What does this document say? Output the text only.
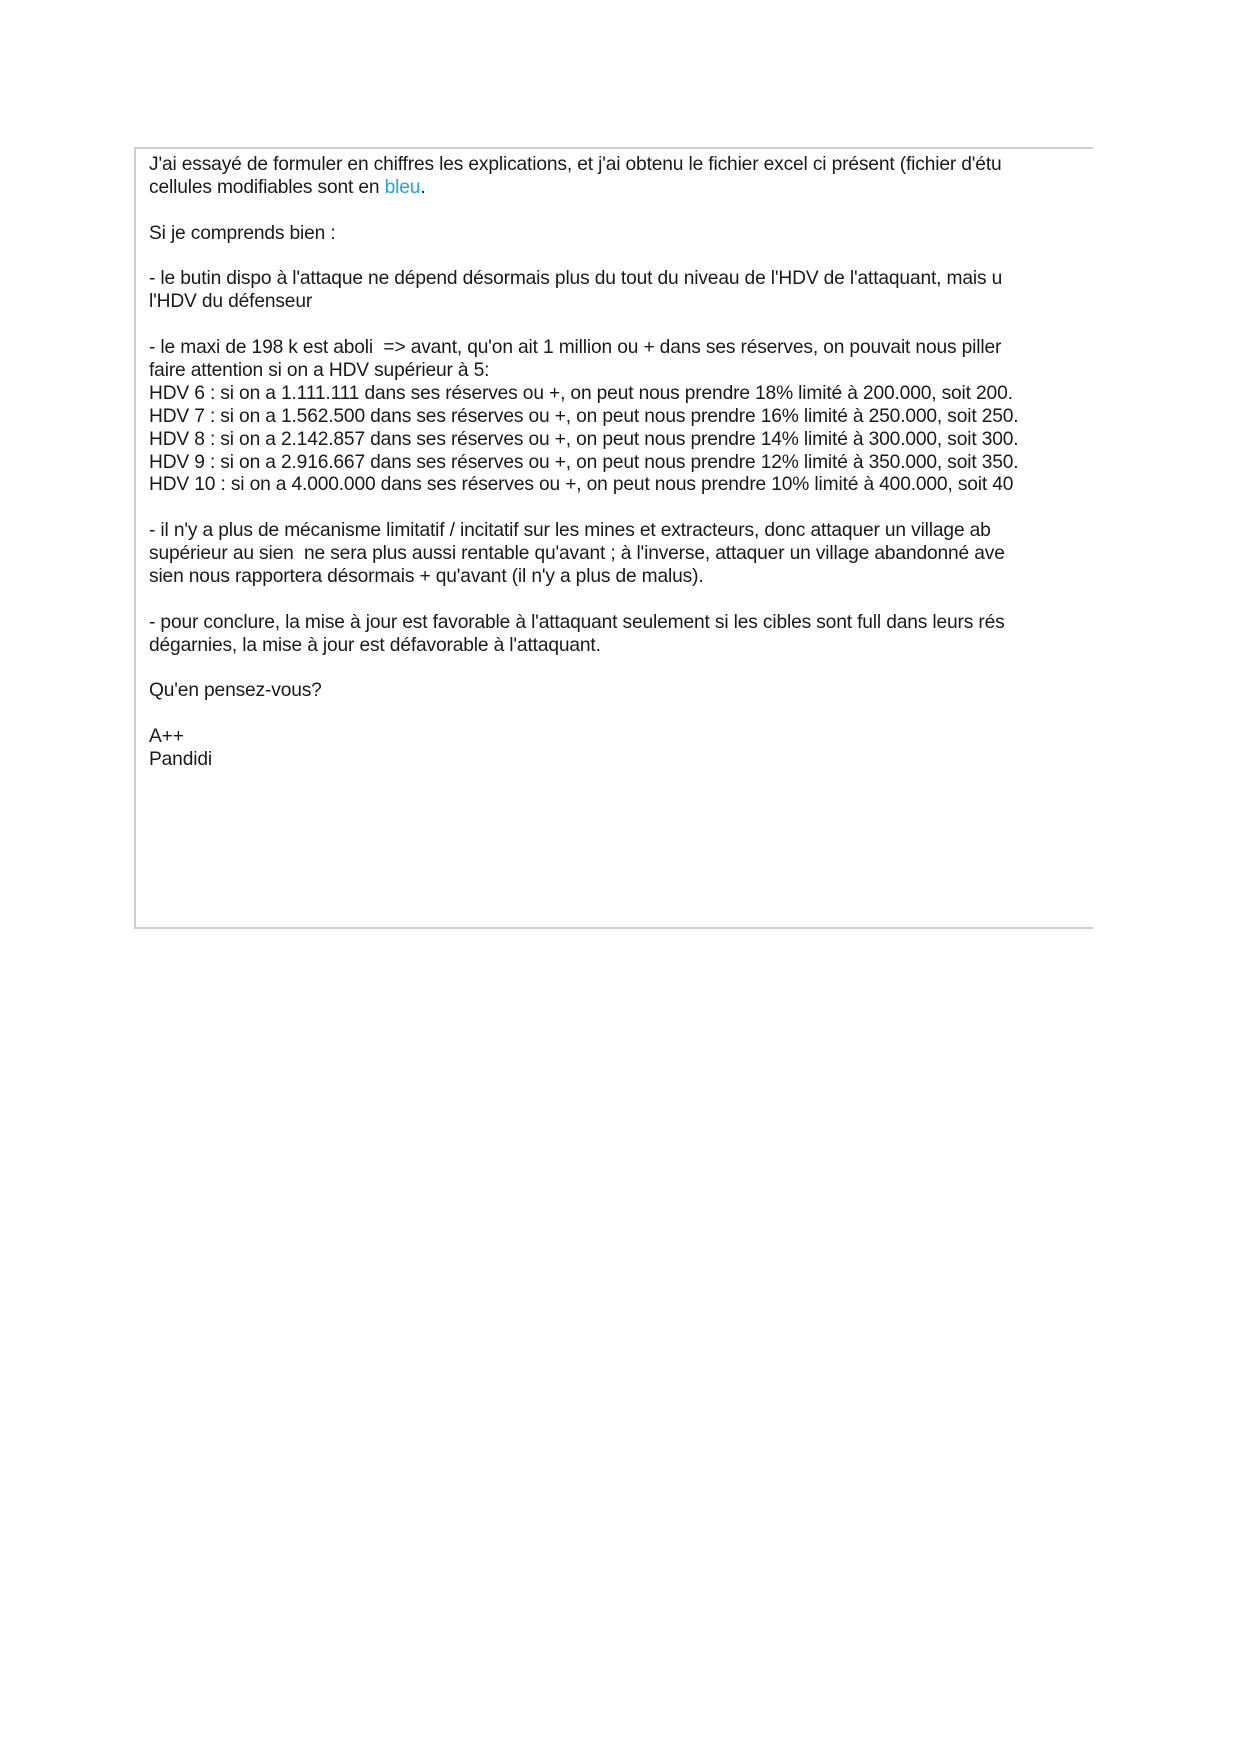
J'ai essayé de formuler en chiffres les explications, et j'ai obtenu le fichier excel ci présent (fichier d'étu
cellules modifiables sont en bleu.
Si je comprends bien :
- le butin dispo à l'attaque ne dépend désormais plus du tout du niveau de l'HDV de l'attaquant, mais u
l'HDV du défenseur
- le maxi de 198 k est aboli  => avant, qu'on ait 1 million ou + dans ses réserves, on pouvait nous piller
faire attention si on a HDV supérieur à 5:
HDV 6 : si on a 1.111.111 dans ses réserves ou +, on peut nous prendre 18% limité à 200.000, soit 200.
HDV 7 : si on a 1.562.500 dans ses réserves ou +, on peut nous prendre 16% limité à 250.000, soit 250.
HDV 8 : si on a 2.142.857 dans ses réserves ou +, on peut nous prendre 14% limité à 300.000, soit 300.
HDV 9 : si on a 2.916.667 dans ses réserves ou +, on peut nous prendre 12% limité à 350.000, soit 350.
HDV 10 : si on a 4.000.000 dans ses réserves ou +, on peut nous prendre 10% limité à 400.000, soit 40
- il n'y a plus de mécanisme limitatif / incitatif sur les mines et extracteurs, donc attaquer un village ab
supérieur au sien  ne sera plus aussi rentable qu'avant ; à l'inverse, attaquer un village abandonné ave
sien nous rapportera désormais + qu'avant (il n'y a plus de malus).
- pour conclure, la mise à jour est favorable à l'attaquant seulement si les cibles sont full dans leurs rés
dégarnies, la mise à jour est défavorable à l'attaquant.
Qu'en pensez-vous?
A++
Pandidi
